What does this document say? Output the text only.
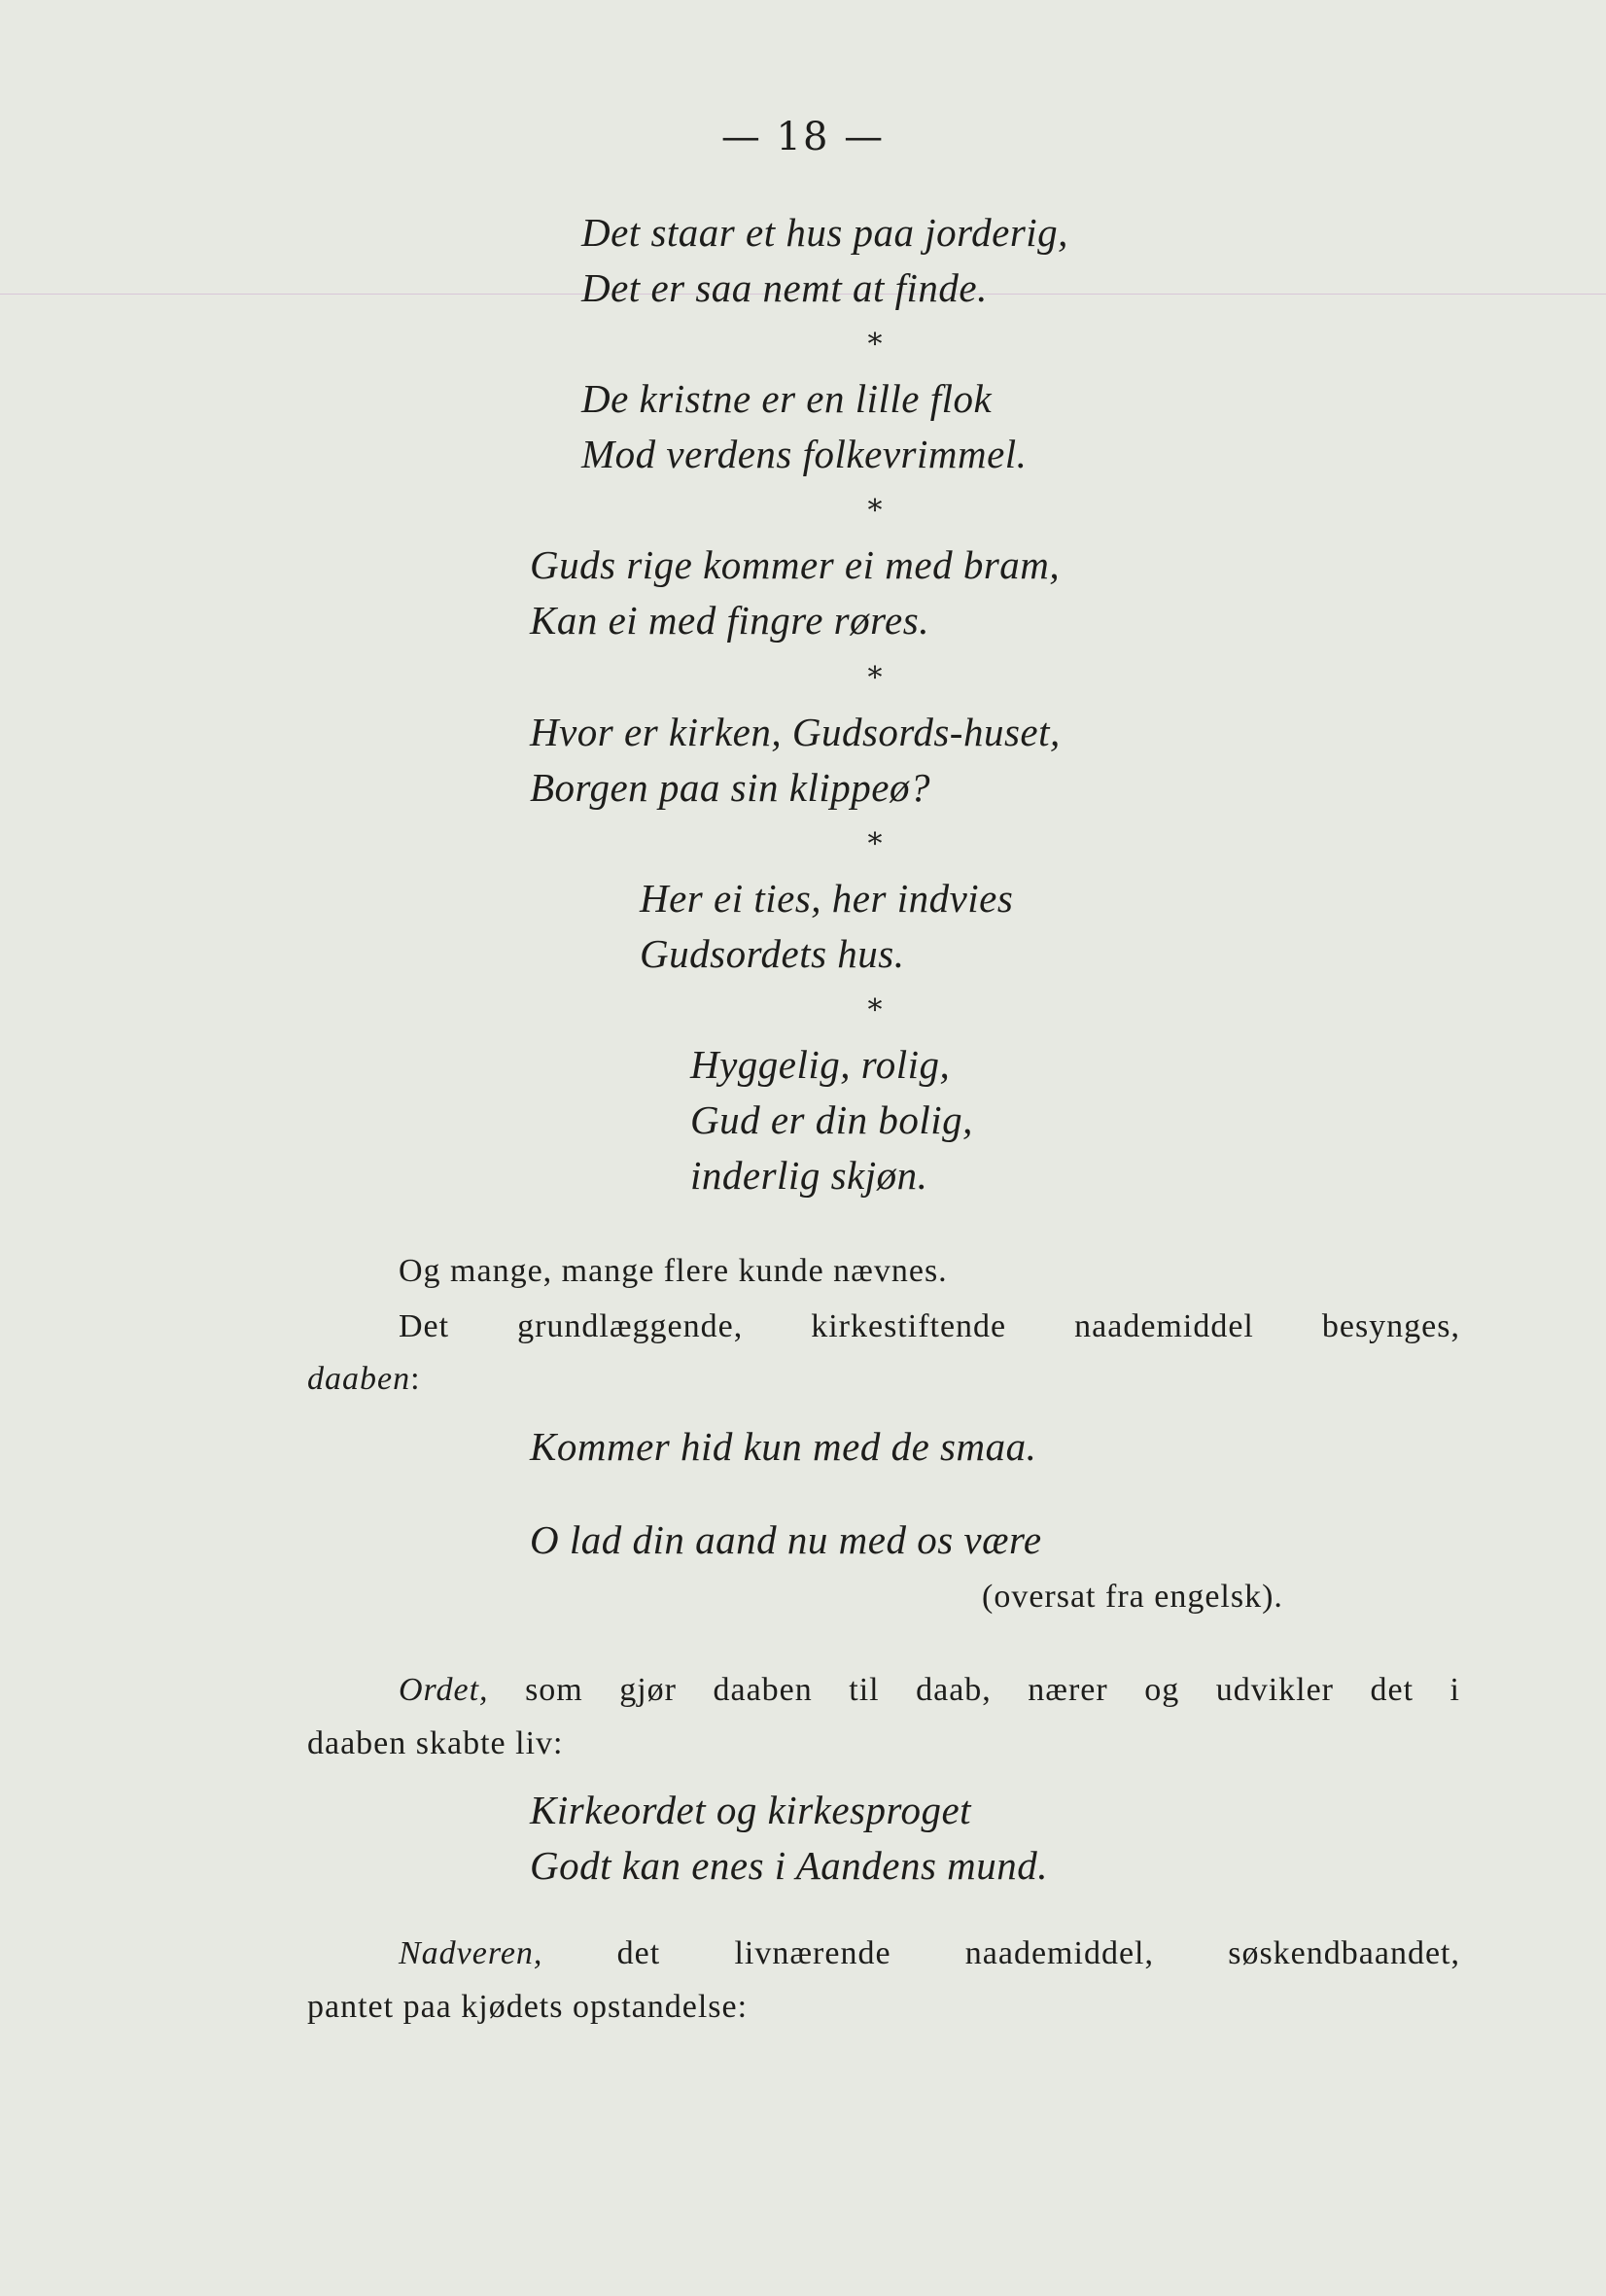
— 18 —
Det staar et hus paa jorderig,
Det er saa nemt at finde.
*
De kristne er en lille flok
Mod verdens folkevrimmel.
*
Guds rige kommer ei med bram,
Kan ei med fingre røres.
*
Hvor er kirken, Gudsords-huset,
Borgen paa sin klippeø?
*
Her ei ties, her indvies
Gudsordets hus.
*
Hyggelig, rolig,
Gud er din bolig,
inderlig skjøn.
Og mange, mange flere kunde nævnes.
Det grundlæggende, kirkestiftende naademiddel besynges,
daaben:
Kommer hid kun med de smaa.
O lad din aand nu med os være
(oversat fra engelsk).
Ordet, som gjør daaben til daab, nærer og udvikler det i
daaben skabte liv:
Kirkeordet og kirkesproget
Godt kan enes i Aandens mund.
Nadveren, det livnærende naademiddel, søskendbaandet,
pantet paa kjødets opstandelse:
